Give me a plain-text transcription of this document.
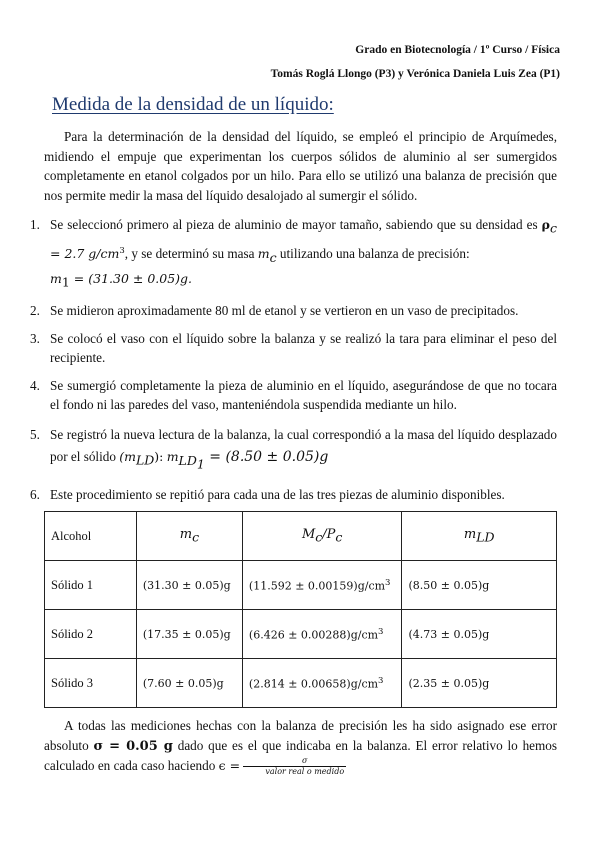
Grado en Biotecnología / 1º Curso / Física
Tomás Roglá Llongo (P3) y Verónica Daniela Luis Zea (P1)
Medida de la densidad de un líquido:
Para la determinación de la densidad del líquido, se empleó el principio de Arquímedes, midiendo el empuje que experimentan los cuerpos sólidos de aluminio al ser sumergidos completamente en etanol colgados por un hilo. Para ello se utilizó una balanza de precisión que nos permite medir la masa del líquido desalojado al sumergir el sólido.
1. Se seleccionó primero al pieza de aluminio de mayor tamaño, sabiendo que su densidad es $\rho_c = 2.7$ $g/cm^3$, y se determinó su masa $m_c$ utilizando una balanza de precisión:
$m_1 = (31.30 \pm 0.05)g$.
2. Se midieron aproximadamente 80 ml de etanol y se vertieron en un vaso de precipitados.
3. Se colocó el vaso con el líquido sobre la balanza y se realizó la tara para eliminar el peso del recipiente.
4. Se sumergió completamente la pieza de aluminio en el líquido, asegurándose de que no tocara el fondo ni las paredes del vaso, manteniéndola suspendida mediante un hilo.
5. Se registró la nueva lectura de la balanza, la cual correspondió a la masa del líquido desplazado por el sólido $(m_{LD})$: $m_{LD_1} = (8.50 \pm 0.05)g$
6. Este procedimiento se repitió para cada una de las tres piezas de aluminio disponibles.
Alcohol	$m_c$	$M_c/P_c$	$m_{LD}$
Sólido 1	(31.30 ± 0.05)g	$(11.592 \pm 0.00159)g/cm^3$	(8.50 ± 0.05)g
Sólido 2	(17.35 ± 0.05)g	$(6.426 \pm 0.00288)g/cm^3$	(4.73 ± 0.05)g
Sólido 3	(7.60 ± 0.05)g	$(2.814 \pm 0.00658)g/cm^3$	(2.35 ± 0.05)g
A todas las mediciones hechas con la balanza de precisión les ha sido asignado ese error absoluto σ = 0.05 g dado que es el que indicaba en la balanza. El error relativo lo hemos calculado en cada caso haciendo $\epsilon = \frac{\sigma}{\text{valor real o medido}}$
